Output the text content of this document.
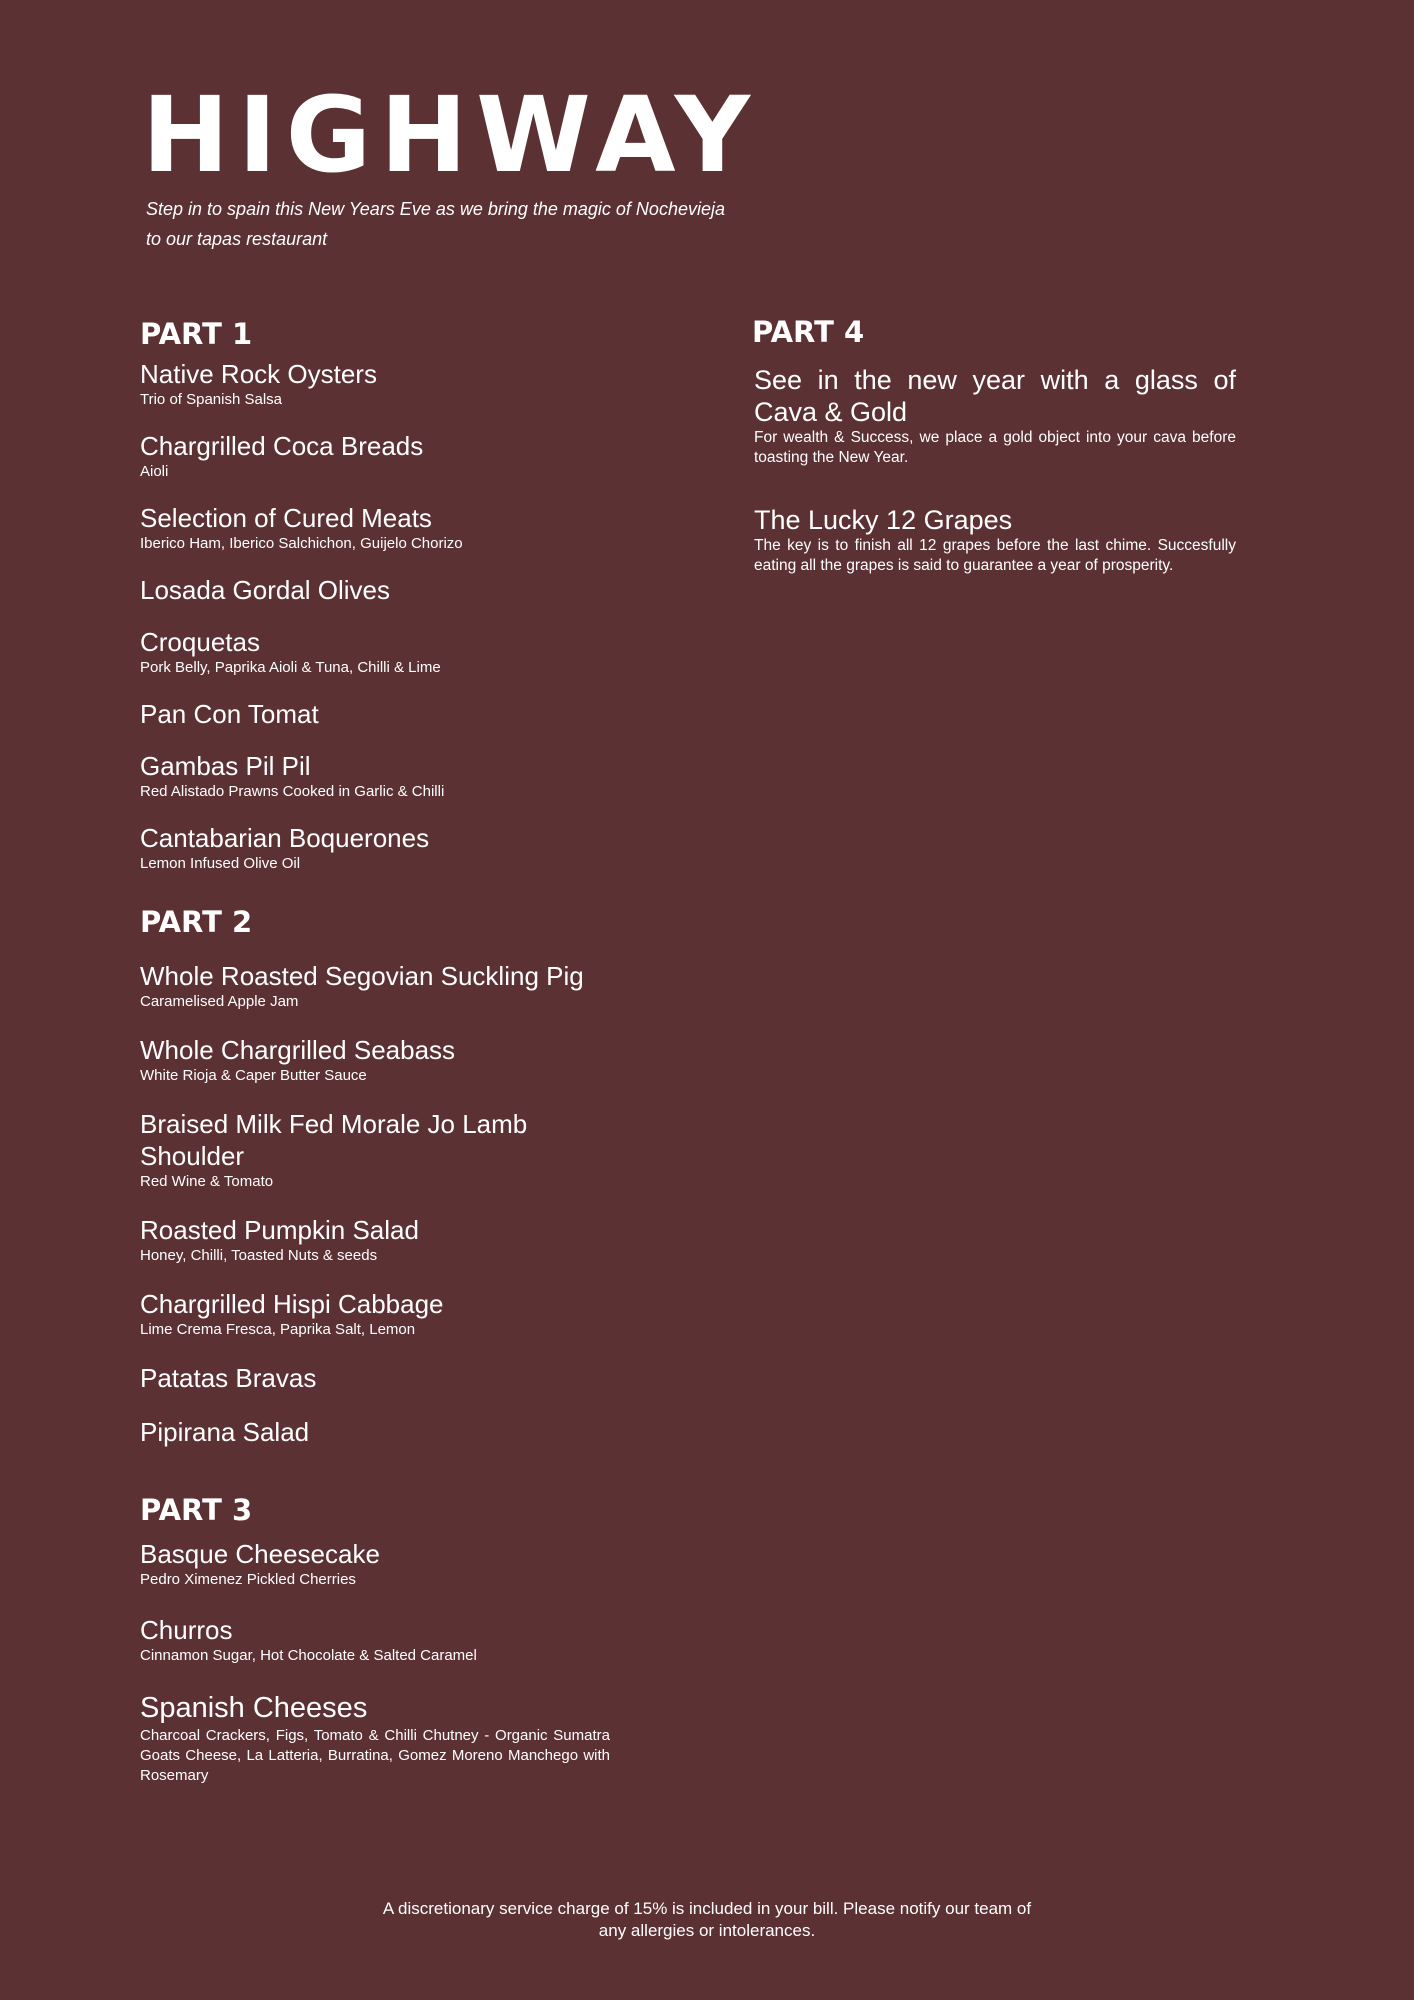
HIGHWAY

Step in to spain this New Years Eve as we bring the magic of Nochevieja
to our tapas restaurant

PART 1

Native Rock Oysters

Trio of Spanish Salsa

Chargrilled Coca Breads

Aioli

Selection of Cured Meats

Iberico Ham, Iberico Salchichon, Guijelo Chorizo

Losada Gordal Olives

Croquetas

Pork Belly, Paprika Aioli & Tuna, Chilli & Lime

Pan Con Tomat

Gambas Pil Pil

Red Alistado Prawns Cooked in Garlic & Chilli

Cantabarian Boquerones

Lemon Infused Olive Oil

PART 2

Whole Roasted Segovian Suckling Pig

Caramelised Apple Jam

Whole Chargrilled Seabass

White Rioja & Caper Butter Sauce

Braised Milk Fed Morale Jo Lamb Shoulder

Red Wine & Tomato

Roasted Pumpkin Salad

Honey, Chilli, Toasted Nuts & seeds

Chargrilled Hispi Cabbage

Lime Crema Fresca, Paprika Salt, Lemon

Patatas Bravas

Pipirana Salad

PART 3

Basque Cheesecake

Pedro Ximenez Pickled Cherries

Churros

Cinnamon Sugar, Hot Chocolate & Salted Caramel

Spanish Cheeses

Charcoal Crackers, Figs, Tomato & Chilli Chutney - Organic Sumatra Goats Cheese, La Latteria, Burratina, Gomez Moreno Manchego with Rosemary

PART 4

See in the new year with a glass of Cava & Gold

For wealth & Success, we place a gold object into your cava before toasting the New Year.

The Lucky 12 Grapes

The key is to finish all 12 grapes before the last chime. Succesfully eating all the grapes is said to guarantee a year of prosperity.

A discretionary service charge of 15% is included in your bill. Please notify our team of
any allergies or intolerances.
